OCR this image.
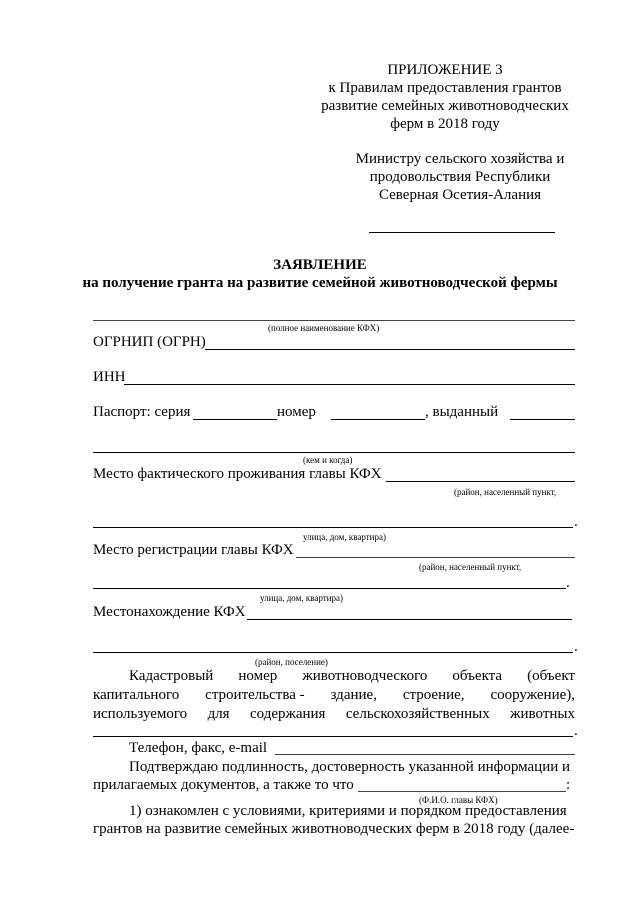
ПРИЛОЖЕНИЕ 3
к Правилам предоставления грантов
развитие семейных животноводческих
ферм в 2018 году
Министру сельского хозяйства и
продовольствия Республики
Северная Осетия-Алания
ЗАЯВЛЕНИЕ
на получение гранта на развитие семейной животноводческой фермы
(полное наименование КФХ)
ОГРНИП (ОГРН)
ИНН
Паспорт: серия	номер	, выданный
(кем и когда)
Место фактического проживания главы КФХ
(район, населенный пункт,
.
улица, дом, квартира)
Место регистрации главы КФХ
(район, населенный пункт,
.
улица, дом, квартира)
Местонахождение КФХ
.
(район, поселение)
Кадастровый номер животноводческого объекта (объект
капитального строительства - здание, строение, сооружение),
используемого для содержания сельскохозяйственных животных
.
Телефон, факс, e-mail
Подтверждаю подлинность, достоверность указанной информации и
прилагаемых документов, а также то что	:
(Ф.И.О. главы КФХ)
1) ознакомлен с условиями, критериями и порядком предоставления
грантов на развитие семейных животноводческих ферм в 2018 году (далее-
